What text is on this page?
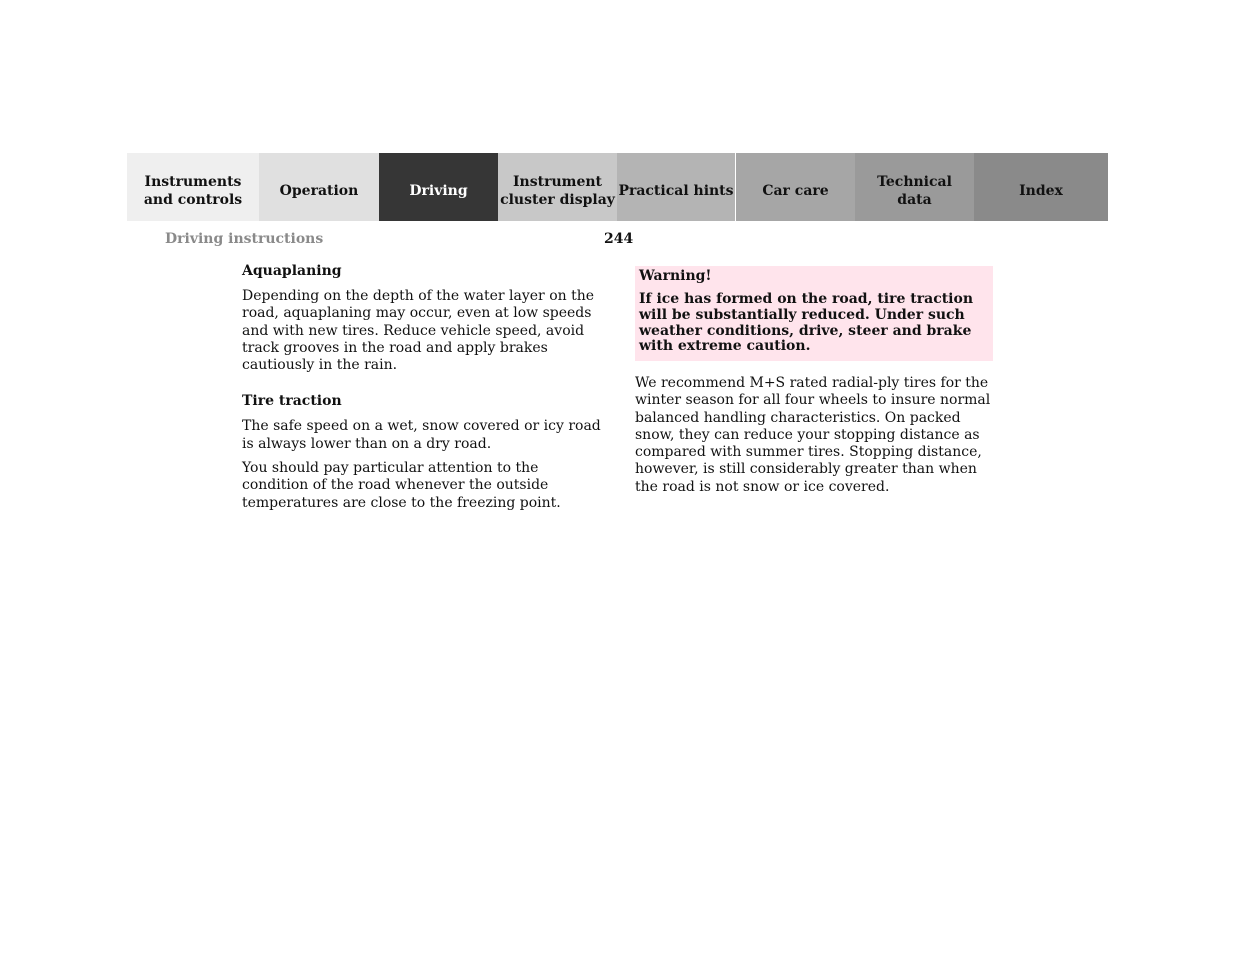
Instruments
and controls
Operation	Driving
Instrument
cluster display
Practical hints Car care
Technical
data
Index
Driving instructions	244
Aquaplaning

Depending on the depth of the water layer on the road, aquaplaning may occur, even at low speeds and with new tires. Reduce vehicle speed, avoid track grooves in the road and apply brakes cautiously in the rain.

Tire traction

The safe speed on a wet, snow covered or icy road is always lower than on a dry road.

You should pay particular attention to the condition of the road whenever the outside temperatures are close to the freezing point.

Warning!

If ice has formed on the road, tire traction will be substantially reduced. Under such weather conditions, drive, steer and brake with extreme caution.

We recommend M+S rated radial-ply tires for the winter season for all four wheels to insure normal balanced handling characteristics. On packed snow, they can reduce your stopping distance as compared with summer tires. Stopping distance, however, is still considerably greater than when the road is not snow or ice covered.
